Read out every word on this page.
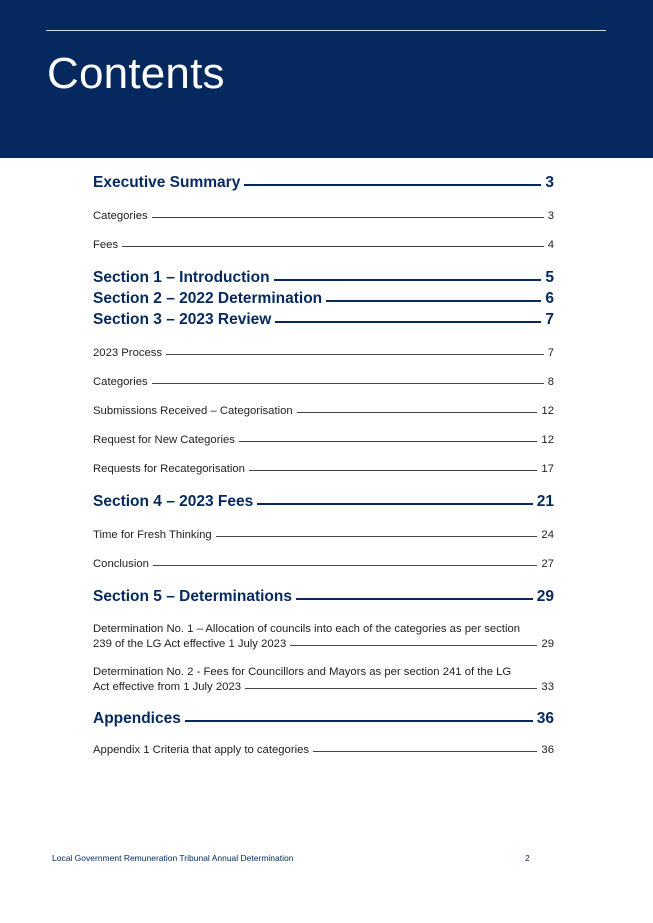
Contents
Executive Summary	3
Categories	3
Fees	4
Section 1 – Introduction	5
Section 2 – 2022 Determination	6
Section 3 – 2023 Review	7
2023 Process	7
Categories	8
Submissions Received – Categorisation	12
Request for New Categories	12
Requests for Recategorisation	17
Section 4 – 2023 Fees	21
Time for Fresh Thinking	24
Conclusion	27
Section 5 – Determinations	29
Determination No. 1 – Allocation of councils into each of the categories as per section
239 of the LG Act effective 1 July 2023	29
Determination No. 2 - Fees for Councillors and Mayors as per section 241 of the LG
Act effective from 1 July 2023	33
Appendices	36
Appendix 1 Criteria that apply to categories	36
Local Government Remuneration Tribunal Annual Determination	2
